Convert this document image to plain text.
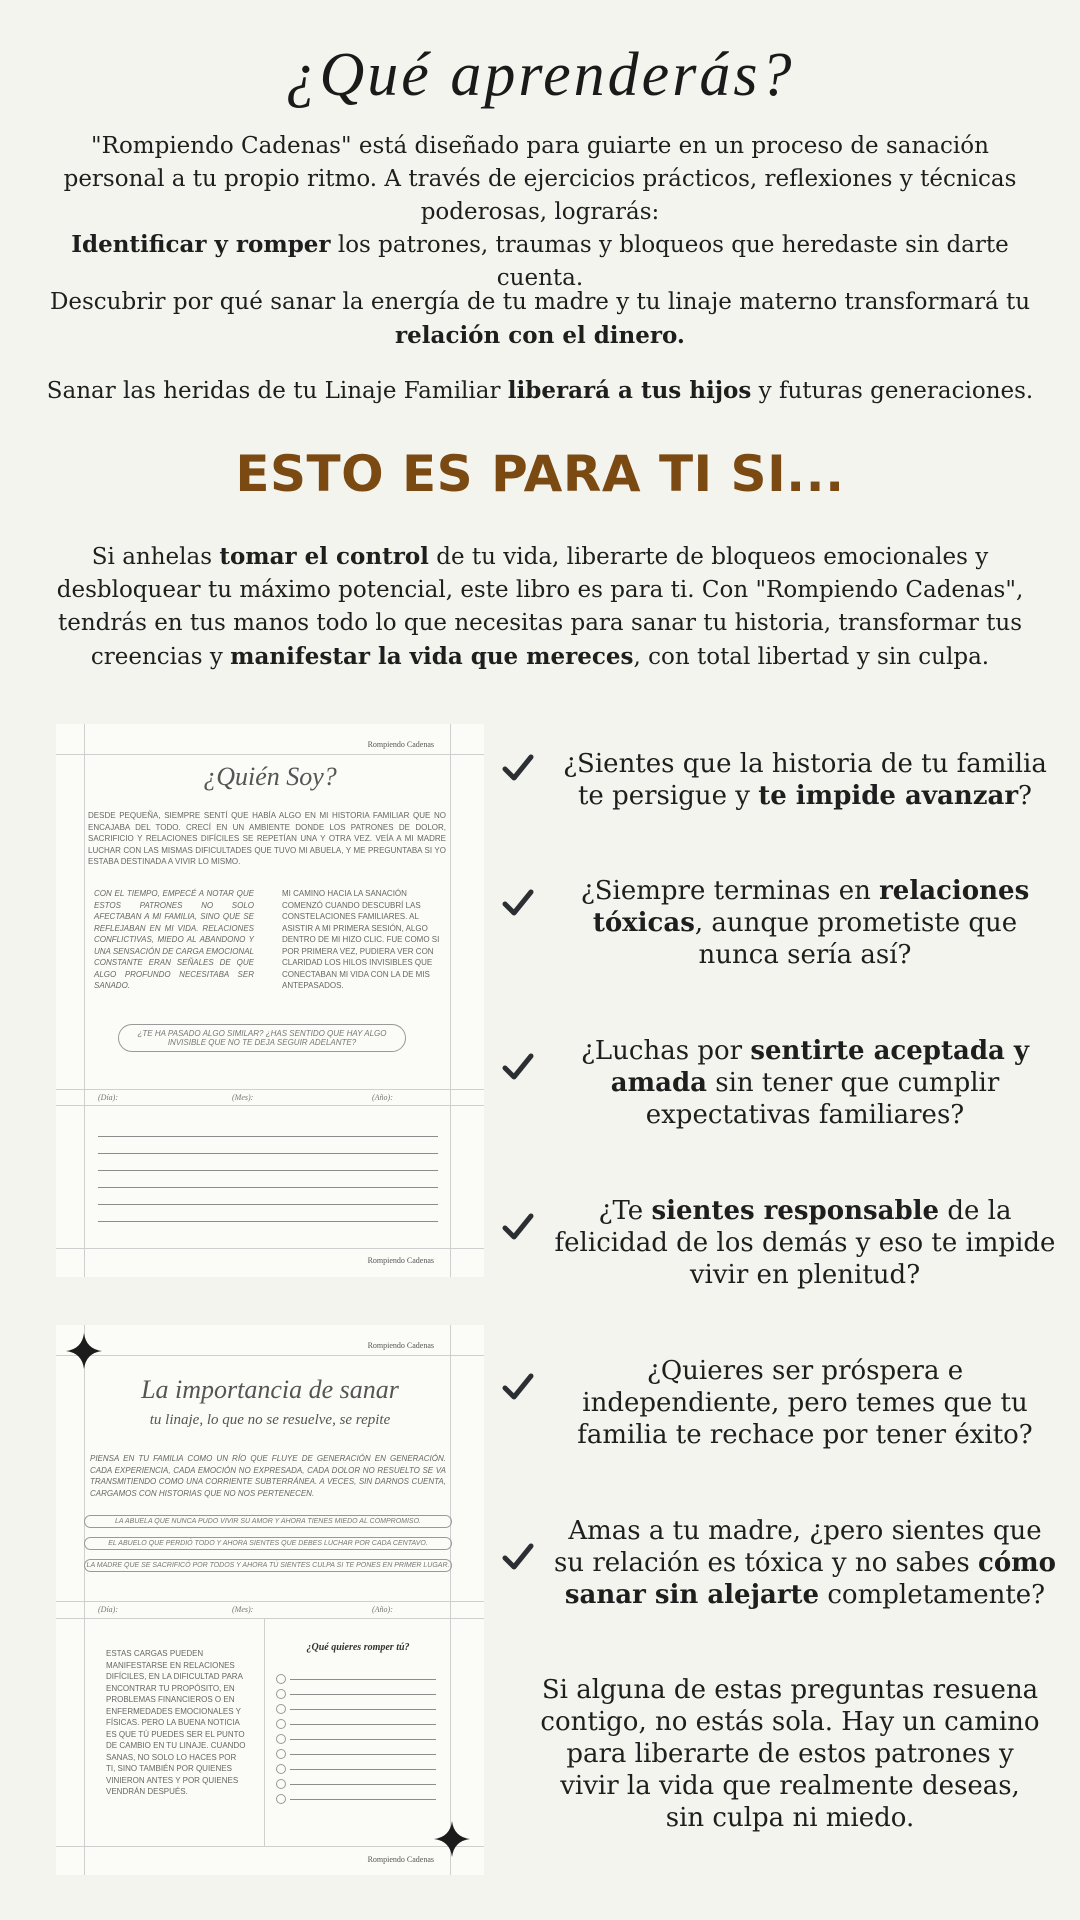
¿Qué aprenderás?

"Rompiendo Cadenas" está diseñado para guiarte en un proceso de sanación personal a tu propio ritmo. A través de ejercicios prácticos, reflexiones y técnicas poderosas, lograrás:

Identificar y romper los patrones, traumas y bloqueos que heredaste sin darte cuenta.

Descubrir por qué sanar la energía de tu madre y tu linaje materno transformará tu
relación con el dinero.

Sanar las heridas de tu Linaje Familiar liberará a tus hijos y futuras generaciones.

ESTO ES PARA TI SI...

Si anhelas tomar el control de tu vida, liberarte de bloqueos emocionales y desbloquear tu máximo potencial, este libro es para ti. Con "Rompiendo Cadenas", tendrás en tus manos todo lo que necesitas para sanar tu historia, transformar tus creencias y manifestar la vida que mereces, con total libertad y sin culpa.

¿Sientes que la historia de tu familia te persigue y te impide avanzar?
¿Siempre terminas en relaciones tóxicas, aunque prometiste que nunca sería así?
¿Luchas por sentirte aceptada y amada sin tener que cumplir expectativas familiares?
¿Te sientes responsable de la felicidad de los demás y eso te impide vivir en plenitud?
¿Quieres ser próspera e independiente, pero temes que tu familia te rechace por tener éxito?
Amas a tu madre, ¿pero sientes que su relación es tóxica y no sabes cómo sanar sin alejarte completamente?
Si alguna de estas preguntas resuena contigo, no estás sola. Hay un camino para liberarte de estos patrones y vivir la vida que realmente deseas, sin culpa ni miedo.
Rompiendo Cadenas
¿Quién Soy?
DESDE PEQUEÑA, SIEMPRE SENTÍ QUE HABÍA ALGO EN MI HISTORIA FAMILIAR QUE NO ENCAJABA DEL TODO. CRECÍ EN UN AMBIENTE DONDE LOS PATRONES DE DOLOR, SACRIFICIO Y RELACIONES DIFÍCILES SE REPETÍAN UNA Y OTRA VEZ. VEÍA A MI MADRE LUCHAR CON LAS MISMAS DIFICULTADES QUE TUVO MI ABUELA, Y ME PREGUNTABA SI YO ESTABA DESTINADA A VIVIR LO MISMO.
CON EL TIEMPO, EMPECÉ A NOTAR QUE ESTOS PATRONES NO SOLO AFECTABAN A MI FAMILIA, SINO QUE SE REFLEJABAN EN MI VIDA. RELACIONES CONFLICTIVAS, MIEDO AL ABANDONO Y UNA SENSACIÓN DE CARGA EMOCIONAL CONSTANTE ERAN SEÑALES DE QUE ALGO PROFUNDO NECESITABA SER SANADO.
MI CAMINO HACIA LA SANACIÓN COMENZÓ CUANDO DESCUBRÍ LAS CONSTELACIONES FAMILIARES. AL ASISTIR A MI PRIMERA SESIÓN, ALGO DENTRO DE MI HIZO CLIC. FUE COMO SI POR PRIMERA VEZ, PUDIERA VER CON CLARIDAD LOS HILOS INVISIBLES QUE CONECTABAN MI VIDA CON LA DE MIS ANTEPASADOS.
¿TE HA PASADO ALGO SIMILAR? ¿HAS SENTIDO QUE HAY ALGO INVISIBLE QUE NO TE DEJA SEGUIR ADELANTE?
(Día):	(Mes):	(Año):
Rompiendo Cadenas
Rompiendo Cadenas
La importancia de sanar
tu linaje, lo que no se resuelve, se repite
PIENSA EN TU FAMILIA COMO UN RÍO QUE FLUYE DE GENERACIÓN EN GENERACIÓN. CADA EXPERIENCIA, CADA EMOCIÓN NO EXPRESADA, CADA DOLOR NO RESUELTO SE VA TRANSMITIENDO COMO UNA CORRIENTE SUBTERRÁNEA. A VECES, SIN DARNOS CUENTA, CARGAMOS CON HISTORIAS QUE NO NOS PERTENECEN.
LA ABUELA QUE NUNCA PUDO VIVIR SU AMOR Y AHORA TIENES MIEDO AL COMPROMISO.
EL ABUELO QUE PERDIÓ TODO Y AHORA SIENTES QUE DEBES LUCHAR POR CADA CENTAVO.
LA MADRE QUE SE SACRIFICÓ POR TODOS Y AHORA TÚ SIENTES CULPA SI TE PONES EN PRIMER LUGAR.
(Día):	(Mes):	(Año):
ESTAS CARGAS PUEDEN MANIFESTARSE EN RELACIONES DIFÍCILES, EN LA DIFICULTAD PARA ENCONTRAR TU PROPÓSITO, EN PROBLEMAS FINANCIEROS O EN ENFERMEDADES EMOCIONALES Y FÍSICAS. PERO LA BUENA NOTICIA ES QUE TÚ PUEDES SER EL PUNTO DE CAMBIO EN TU LINAJE. CUANDO SANAS, NO SOLO LO HACES POR TI, SINO TAMBIÉN POR QUIENES VINIERON ANTES Y POR QUIENES VENDRÁN DESPUÉS.
¿Qué quieres romper tú?
Rompiendo Cadenas
